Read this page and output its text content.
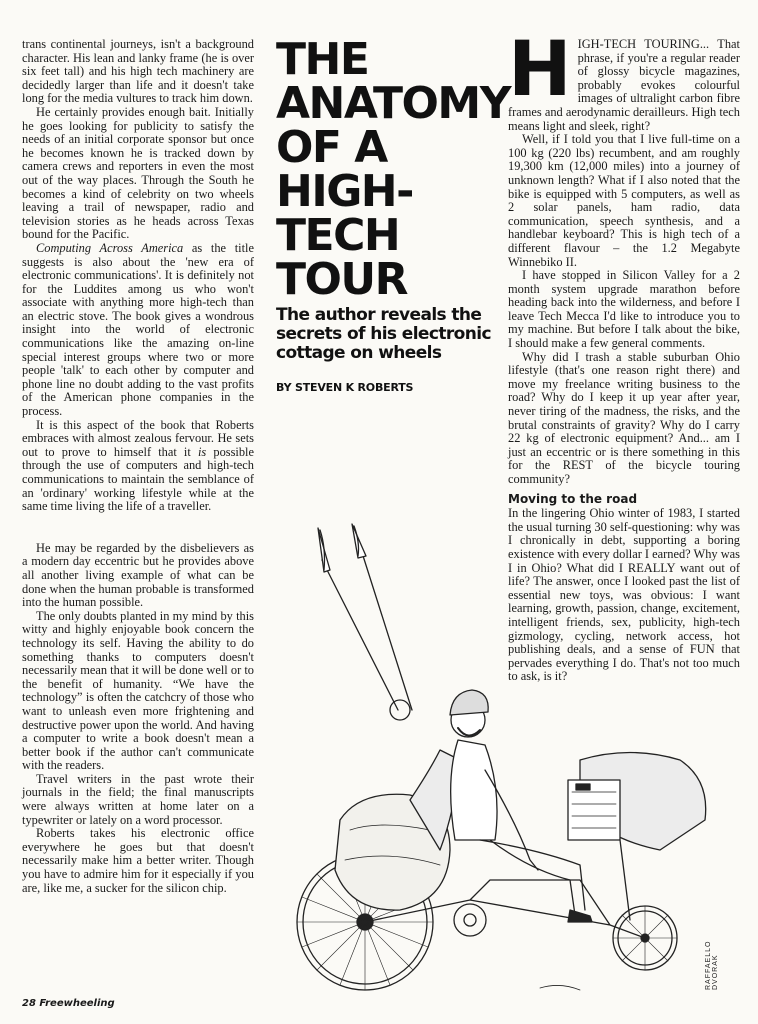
trans continental journeys, isn't a background character. His lean and lanky frame (he is over six feet tall) and his high tech machinery are decidedly larger than life and it doesn't take long for the media vultures to track him down.

He certainly provides enough bait. Initially he goes looking for publicity to satisfy the needs of an initial corporate sponsor but once he becomes known he is tracked down by camera crews and reporters in even the most out of the way places. Through the South he becomes a kind of celebrity on two wheels leaving a trail of newspaper, radio and television stories as he heads across Texas bound for the Pacific.

Computing Across America as the title suggests is also about the 'new era of electronic communications'. It is definitely not for the Luddites among us who won't associate with anything more high-tech than an electric stove. The book gives a wondrous insight into the world of electronic communications like the amazing on-line special interest groups where two or more people 'talk' to each other by computer and phone line no doubt adding to the vast profits of the American phone companies in the process.

It is this aspect of the book that Roberts embraces with almost zealous fervour. He sets out to prove to himself that it is possible through the use of computers and high-tech communications to maintain the semblance of an 'ordinary' working lifestyle while at the same time living the life of a traveller.

He may be regarded by the disbelievers as a modern day eccentric but he provides above all another living example of what can be done when the human probable is transformed into the human possible.

The only doubts planted in my mind by this witty and highly enjoyable book concern the technology its self. Having the ability to do something thanks to computers doesn't necessarily mean that it will be done well or to the benefit of humanity. “We have the technology” is often the catchcry of those who want to unleash even more frightening and destructive power upon the world. And having a computer to write a book doesn't mean a better book if the author can't communicate with the readers.

Travel writers in the past wrote their journals in the field; the final manuscripts were always written at home later on a typewriter or lately on a word processor.

Roberts takes his electronic office everywhere he goes but that doesn't necessarily make him a better writer. Though you have to admire him for it especially if you are, like me, a sucker for the silicon chip.

THE
ANATOMY
OF A
HIGH-
TECH
TOUR
The author reveals the secrets of his electronic cottage on wheels
BY STEVEN K ROBERTS

HIGH-TECH TOURING... That phrase, if you're a regular reader of glossy bicycle magazines, probably evokes colourful images of ultralight carbon fibre frames and aerodynamic derailleurs. High tech means light and sleek, right?

Well, if I told you that I live full-time on a 100 kg (220 lbs) recumbent, and am roughly 19,300 km (12,000 miles) into a journey of unknown length? What if I also noted that the bike is equipped with 5 computers, as well as 2 solar panels, ham radio, data communication, speech synthesis, and a handlebar keyboard? This is high tech of a different flavour – the 1.2 Megabyte Winnebiko II.

I have stopped in Silicon Valley for a 2 month system upgrade marathon before heading back into the wilderness, and before I leave Tech Mecca I'd like to introduce you to my machine. But before I talk about the bike, I should make a few general comments.

Why did I trash a stable suburban Ohio lifestyle (that's one reason right there) and move my freelance writing business to the road? Why do I keep it up year after year, never tiring of the madness, the risks, and the brutal constraints of gravity? Why do I carry 22 kg of electronic equipment? And... am I just an eccentric or is there something in this for the REST of the bicycle touring community?

Moving to the road

In the lingering Ohio winter of 1983, I started the usual turning 30 self-questioning: why was I chronically in debt, supporting a boring existence with every dollar I earned? Why was I in Ohio? What did I REALLY want out of life? The answer, once I looked past the list of essential new toys, was obvious: I want learning, growth, passion, change, excitement, intelligent friends, sex, publicity, high-tech gizmology, cycling, network access, hot publishing deals, and a sense of FUN that pervades everything I do. That's not too much to ask, is it?

28 Freewheeling
RAFFAELLO DVORAK
